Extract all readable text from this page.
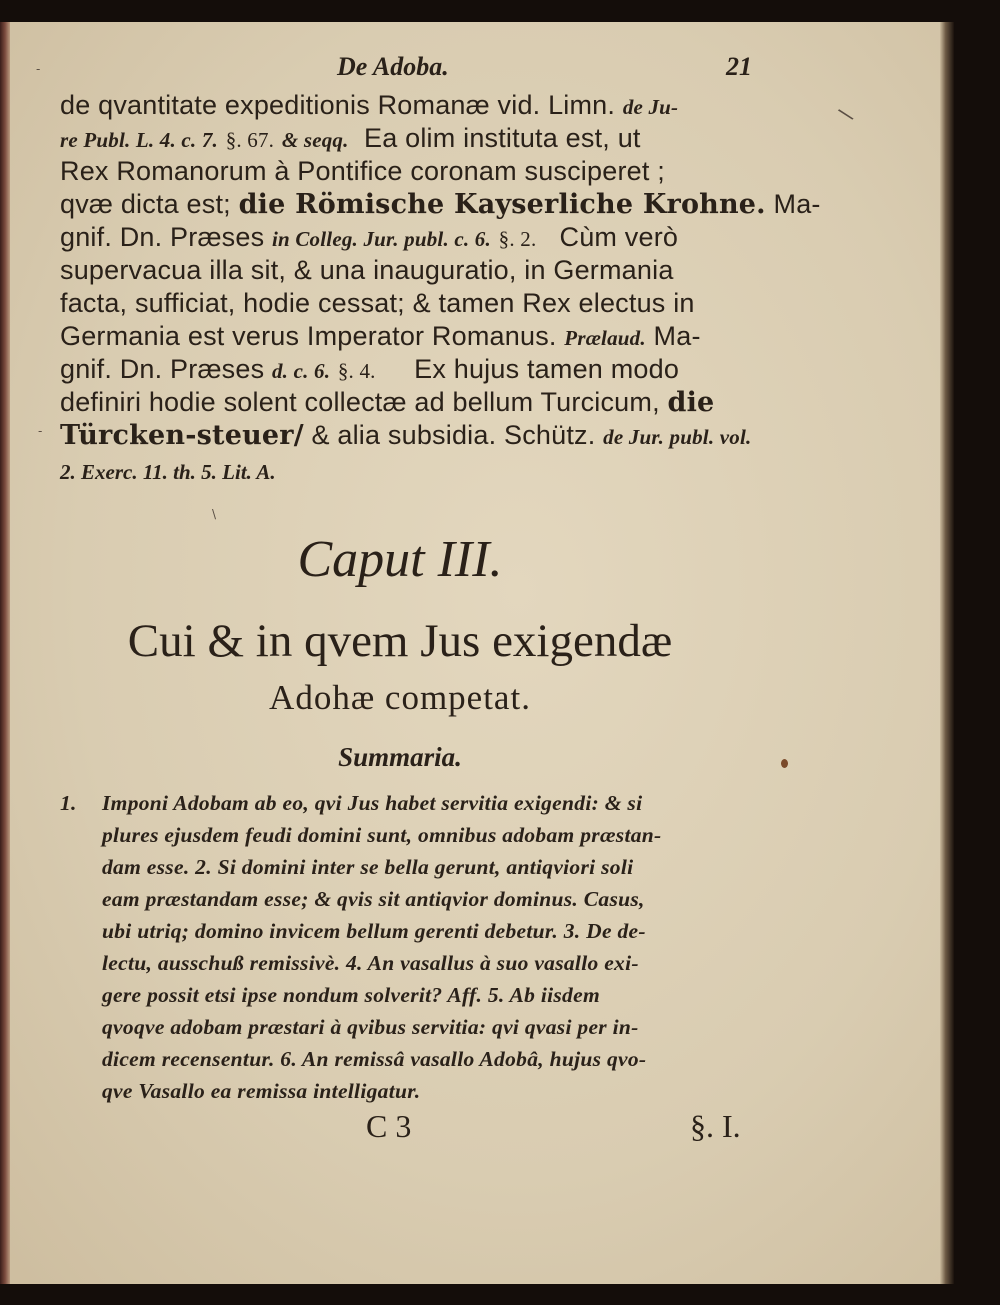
De Adoba.	21
de qvantitate expeditionis Romanæ vid. Limn. de Ju-
re Publ. L. 4. c. 7. §. 67. & seqq. Ea olim instituta est, ut
Rex Romanorum à Pontifice coronam susciperet ;
qvæ dicta est; die Römische Kayserliche Krohne. Ma-
gnif. Dn. Præses in Colleg. Jur. publ. c. 6. §. 2. Cùm verò
supervacua illa sit, & una inauguratio, in Germania
facta, sufficiat, hodie cessat; & tamen Rex electus in
Germania est verus Imperator Romanus. Prælaud. Ma-
gnif. Dn. Præses d. c. 6. §. 4. Ex hujus tamen modo
definiri hodie solent collectæ ad bellum Turcicum, die
Türcken-steuer/ & alia subsidia. Schütz. de Jur. publ. vol.
2. Exerc. 11. th. 5. Lit. A.
Caput III.
Cui & in qvem Jus exigendæ
Adohæ competat.
Summaria.
1. Imponi Adobam ab eo, qvi Jus habet servitia exigendi: & si
plures ejusdem feudi domini sunt, omnibus adobam præstan-
dam esse. 2. Si domini inter se bella gerunt, antiqviori soli
eam præstandam esse; & qvis sit antiqvior dominus. Casus,
ubi utriq; domino invicem bellum gerenti debetur. 3. De de-
lectu, ausschuß remissivè. 4. An vasallus à suo vasallo exi-
gere possit etsi ipse nondum solverit? Aff. 5. Ab iisdem
qvoqve adobam præstari à qvibus servitia: qvi qvasi per in-
dicem recensentur. 6. An remissâ vasallo Adobâ, hujus qvo-
qve Vasallo ea remissa intelligatur.
C 3	§. I.
\
\
-
-
